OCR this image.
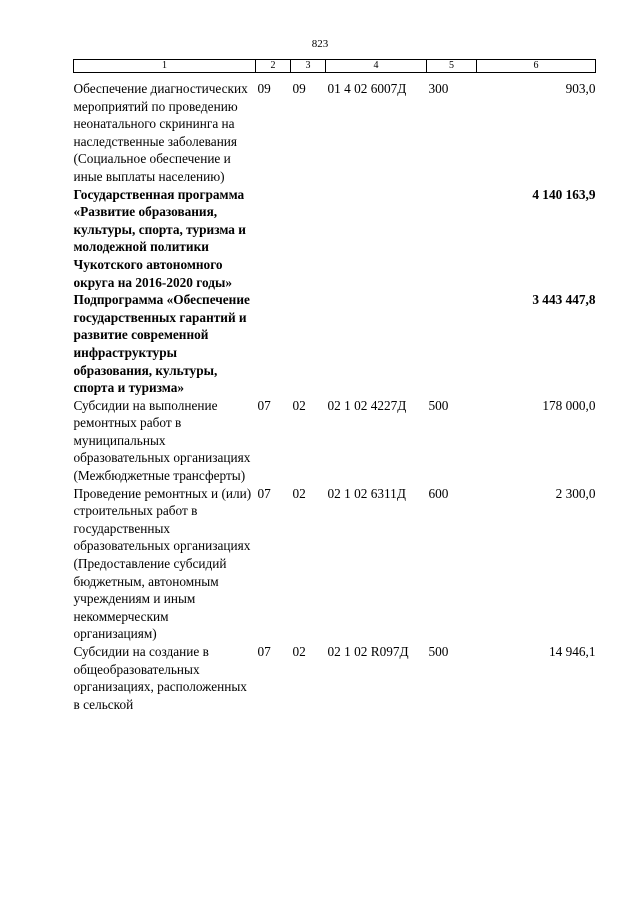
823
1	2	3	4	5	6
Обеспечение диагностических мероприятий по проведению неонатального скрининга на наследственные заболевания (Социальное обеспечение и иные выплаты населению)	09	09	01 4 02 6007Д	300	903,0
Государственная программа «Развитие образования, культуры, спорта, туризма и молодежной политики Чукотского автономного округа на 2016-2020 годы»					4 140 163,9
Подпрограмма «Обеспечение государственных гарантий и развитие современной инфраструктуры образования, культуры, спорта и туризма»					3 443 447,8
Субсидии на выполнение ремонтных работ в муниципальных образовательных организациях (Межбюджетные трансферты)	07	02	02 1 02 4227Д	500	178 000,0
Проведение ремонтных и (или) строительных работ в государственных образовательных организациях (Предоставление субсидий бюджетным, автономным учреждениям и иным некоммерческим организациям)	07	02	02 1 02 6311Д	600	2 300,0
Субсидии на создание в общеобразовательных организациях, расположенных в сельской	07	02	02 1 02 R097Д	500	14 946,1
